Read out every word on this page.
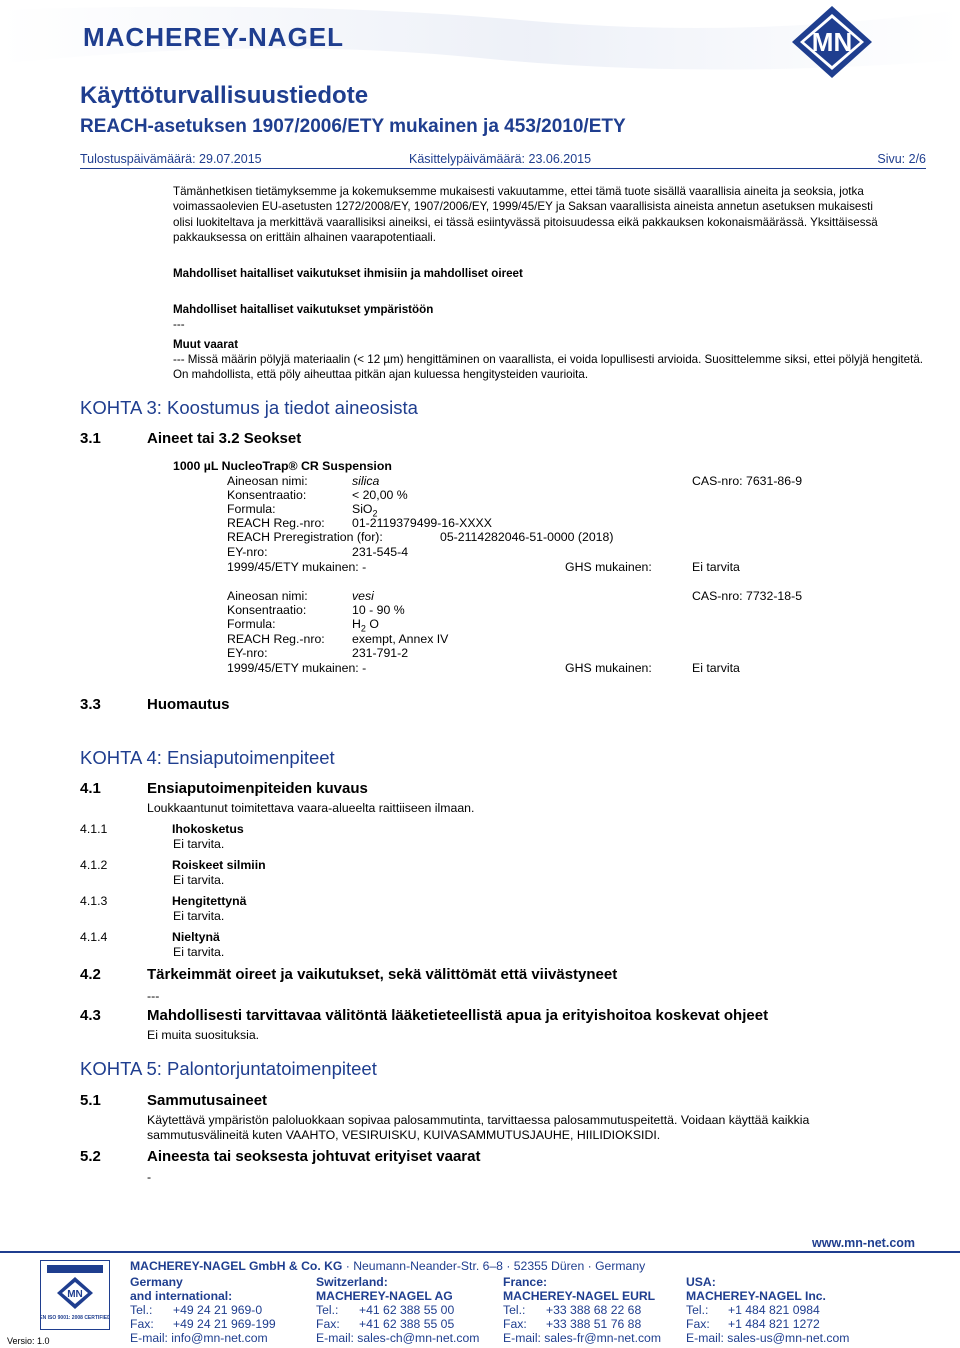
MACHEREY-NAGEL	MN
Käyttöturvallisuustiedote
REACH-asetuksen 1907/2006/ETY mukainen ja 453/2010/ETY
Tulostuspäivämäärä: 29.07.2015	Käsittelypäivämäärä: 23.06.2015	Sivu: 2/6
Tämänhetkisen tietämyksemme ja kokemuksemme mukaisesti vakuutamme, ettei tämä tuote sisällä vaarallisia aineita ja seoksia, jotka voimassaolevien EU-asetusten 1272/2008/EY, 1907/2006/EY, 1999/45/EY ja Saksan vaarallisista aineista annetun asetuksen mukaisesti olisi luokiteltava ja merkittävä vaarallisiksi aineiksi, ei tässä esiintyvässä pitoisuudessa eikä pakkauksen kokonaismäärässä. Yksittäisessä pakkauksessa on erittäin alhainen vaarapotentiaali.
Mahdolliset haitalliset vaikutukset ihmisiin ja mahdolliset oireet
Mahdolliset haitalliset vaikutukset ympäristöön
---
Muut vaarat
--- Missä määrin pölyjä materiaalin (< 12 µm) hengittäminen on vaarallista, ei voida lopullisesti arvioida. Suosittelemme siksi, ettei pölyjä hengitetä. On mahdollista, että pöly aiheuttaa pitkän ajan kuluessa hengitysteiden vaurioita.
KOHTA 3: Koostumus ja tiedot aineosista
3.1	Aineet tai 3.2 Seokset
1000 µL NucleoTrap® CR Suspension
Aineosan nimi:	silica	CAS-nro: 7631-86-9
Konsentraatio:	< 20,00 %
Formula:	SiO$_2$
REACH Reg.-nro: 01-2119379499-16-XXXX
REACH Preregistration (for):	05-2114282046-51-0000 (2018)
EY-nro:	231-545-4
1999/45/ETY mukainen: -	GHS mukainen:	Ei tarvita
Aineosan nimi:	vesi	CAS-nro: 7732-18-5
Konsentraatio:	10 - 90 %
Formula:	$H_2$ O
REACH Reg.-nro: exempt, Annex IV
EY-nro:	231-791-2
1999/45/ETY mukainen: -	GHS mukainen:	Ei tarvita
3.3	Huomautus
KOHTA 4: Ensiaputoimenpiteet
4.1	Ensiaputoimenpiteiden kuvaus
Loukkaantunut toimitettava vaara-alueelta raittiiseen ilmaan.
4.1.1	Ihokosketus
Ei tarvita.
4.1.2	Roiskeet silmiin
Ei tarvita.
4.1.3	Hengitettynä
Ei tarvita.
4.1.4	Nieltynä
Ei tarvita.
4.2	Tärkeimmät oireet ja vaikutukset, sekä välittömät että viivästyneet
---
4.3	Mahdollisesti tarvittavaa välitöntä lääketieteellistä apua ja erityishoitoa koskevat ohjeet
Ei muita suosituksia.
KOHTA 5: Palontorjuntatoimenpiteet
5.1	Sammutusaineet
Käytettävä ympäristön paloluokkaan sopivaa palosammutinta, tarvittaessa palosammutuspeitettä. Voidaan käyttää kaikkia sammutusvälineitä kuten VAAHTO, VESIRUISKU, KUIVASAMMUTUSJAUHE, HIILIDIOKSIDI.
5.2	Aineesta tai seoksesta johtuvat erityiset vaarat
-
MN
EN ISO 9001: 2008 CERTIFIED
Versio: 1.0
www.mn-net.com
MACHEREY-NAGEL GmbH & Co. KG · Neumann-Neander-Str. 6–8 · 52355 Düren · Germany
Germany
and international:
Tel.: +49 24 21 969-0
Fax: +49 24 21 969-199
E-mail: info@mn-net.com
Switzerland:
MACHEREY-NAGEL AG
Tel.: +41 62 388 55 00
Fax: +41 62 388 55 05
E-mail: sales-ch@mn-net.com
France:
MACHEREY-NAGEL EURL
Tel.: +33 388 68 22 68
Fax: +33 388 51 76 88
E-mail: sales-fr@mn-net.com
USA:
MACHEREY-NAGEL Inc.
Tel.: +1 484 821 0984
Fax: +1 484 821 1272
E-mail: sales-us@mn-net.com
